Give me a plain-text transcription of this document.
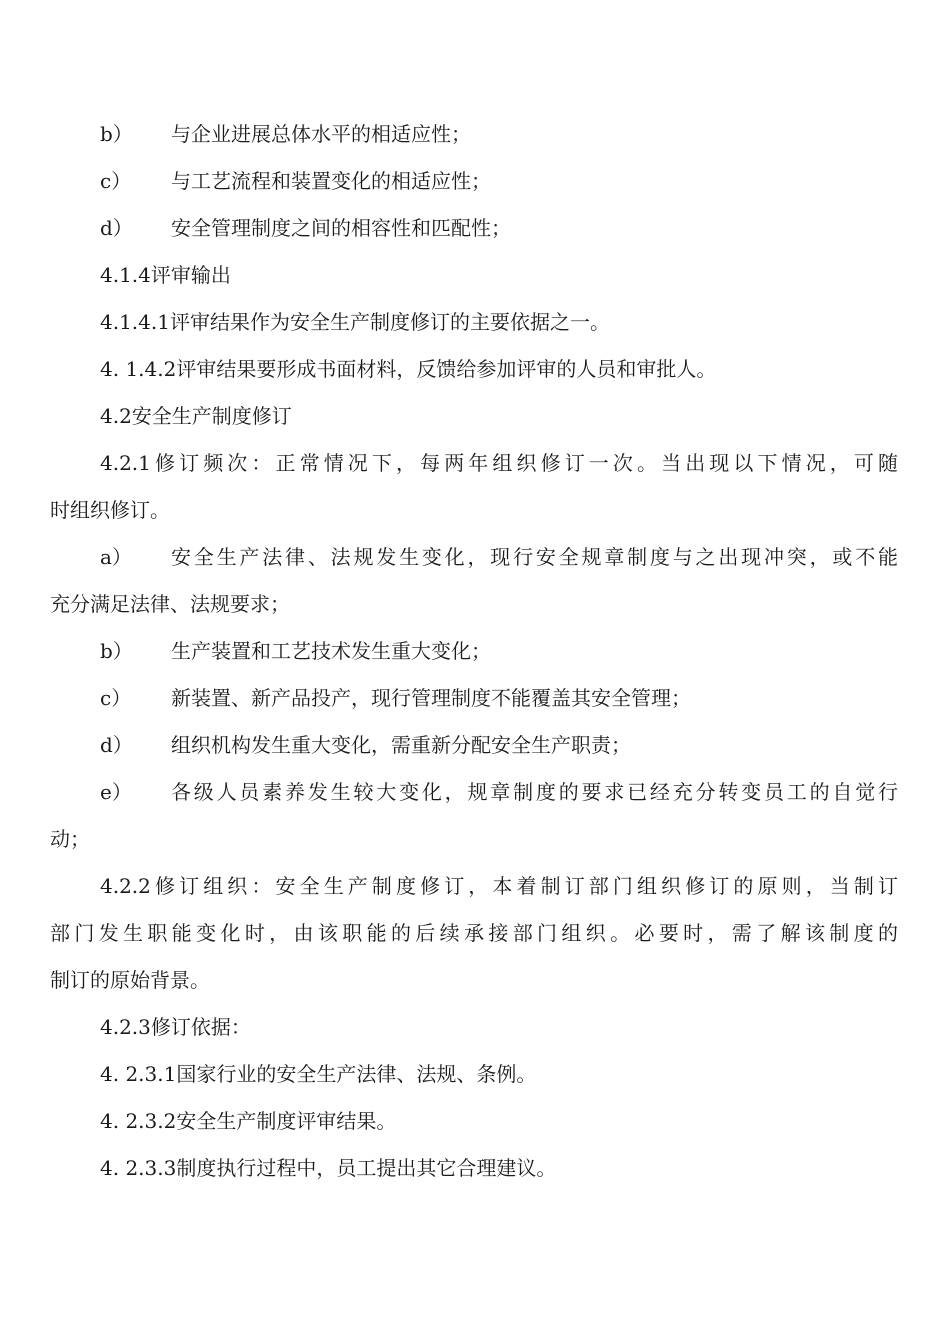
b） 与企业进展总体水平的相适应性；
c） 与工艺流程和装置变化的相适应性；
d） 安全管理制度之间的相容性和匹配性；
4.1.4评审输出
4.1.4.1评审结果作为安全生产制度修订的主要依据之一。
4. 1.4.2评审结果要形成书面材料，反馈给参加评审的人员和审批人。
4.2安全生产制度修订
4.2.1修订频次：正常情况下，每两年组织修订一次。当出现以下情况，可随
时组织修订。
a） 安全生产法律、法规发生变化，现行安全规章制度与之出现冲突，或不能
充分满足法律、法规要求；
b） 生产装置和工艺技术发生重大变化；
c） 新装置、新产品投产，现行管理制度不能覆盖其安全管理；
d） 组织机构发生重大变化，需重新分配安全生产职责；
e） 各级人员素养发生较大变化，规章制度的要求已经充分转变员工的自觉行
动；
4.2.2修订组织：安全生产制度修订，本着制订部门组织修订的原则，当制订
部门发生职能变化时，由该职能的后续承接部门组织。必要时，需了解该制度的
制订的原始背景。
4.2.3修订依据：
4. 2.3.1国家行业的安全生产法律、法规、条例。
4. 2.3.2安全生产制度评审结果。
4. 2.3.3制度执行过程中，员工提出其它合理建议。
